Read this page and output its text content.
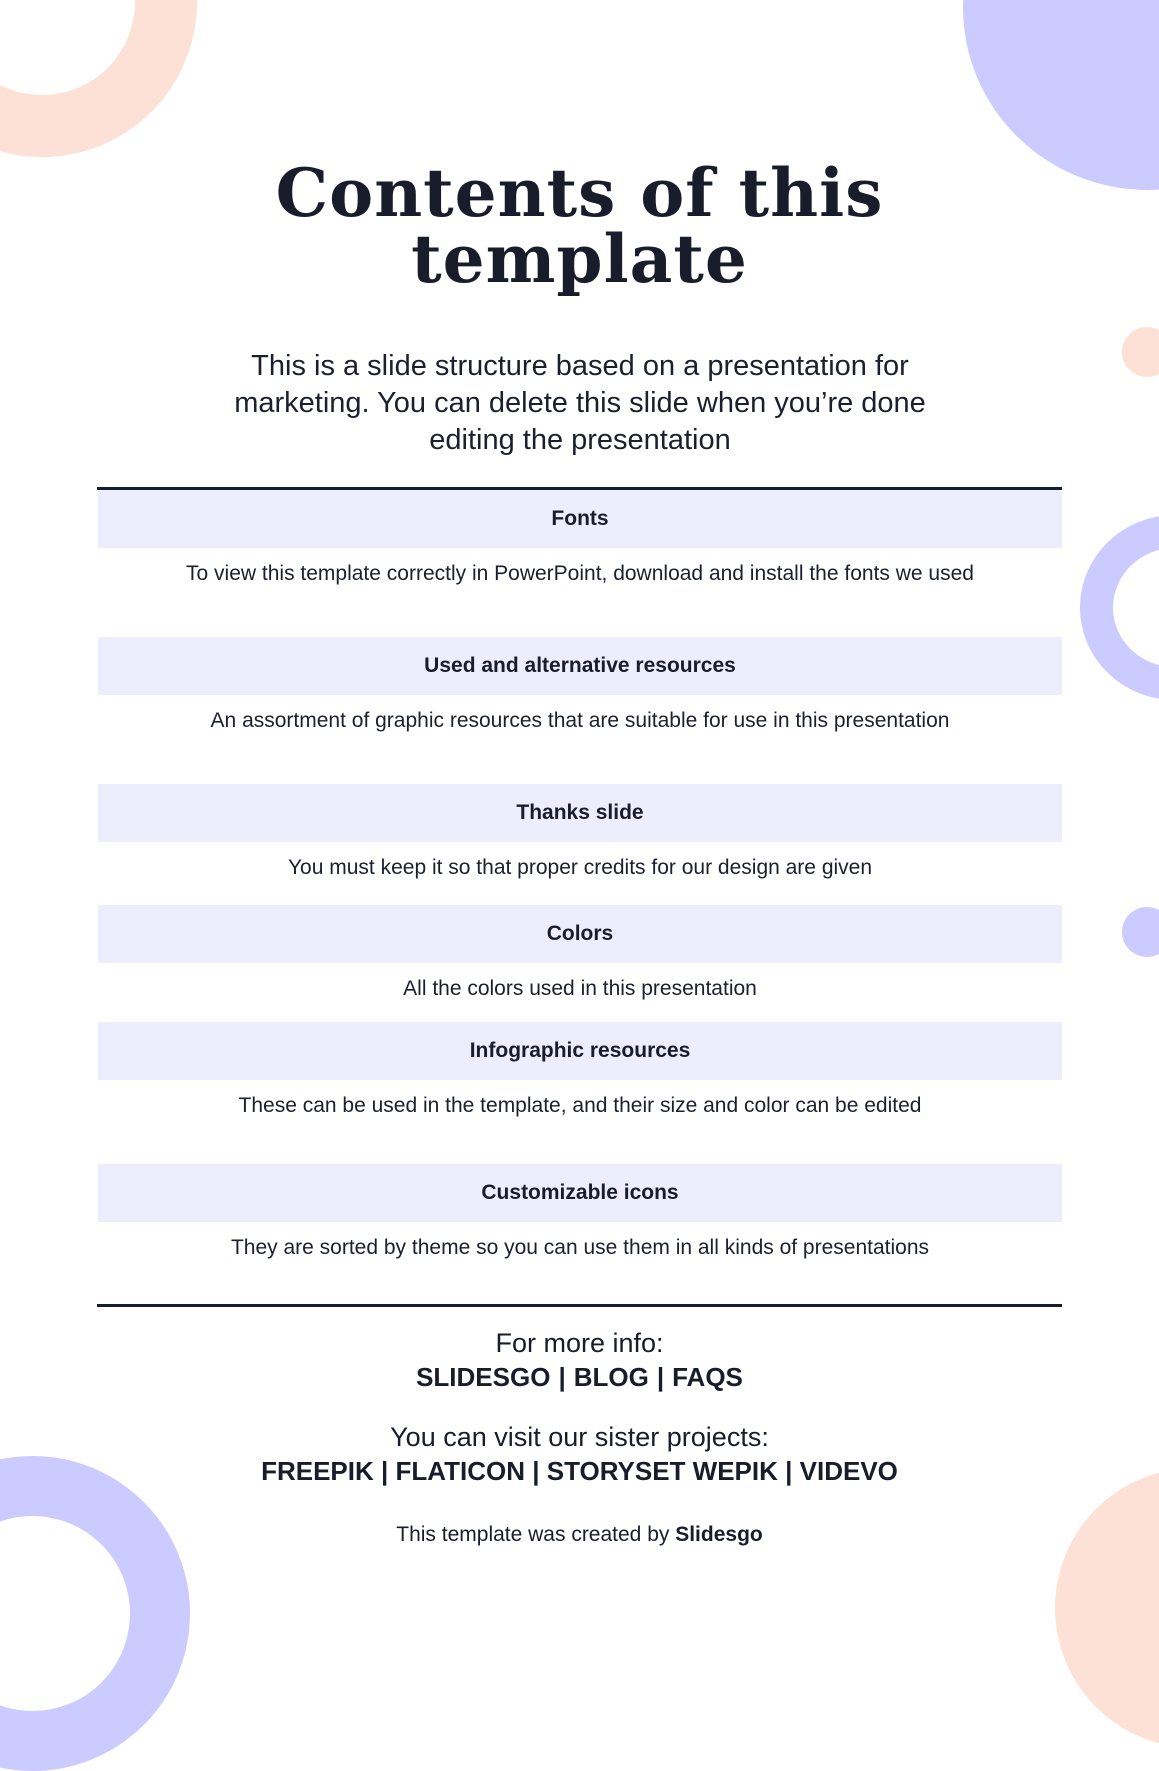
Contents of this
template

This is a slide structure based on a presentation for marketing. You can delete this slide when you’re done editing the presentation

Fonts
To view this template correctly in PowerPoint, download and install the fonts we used
Used and alternative resources
An assortment of graphic resources that are suitable for use in this presentation
Thanks slide
You must keep it so that proper credits for our design are given
Colors
All the colors used in this presentation
Infographic resources
These can be used in the template, and their size and color can be edited
Customizable icons
They are sorted by theme so you can use them in all kinds of presentations
For more info:
SLIDESGO | BLOG | FAQS
You can visit our sister projects:
FREEPIK | FLATICON | STORYSET WEPIK | VIDEVO
This template was created by Slidesgo
